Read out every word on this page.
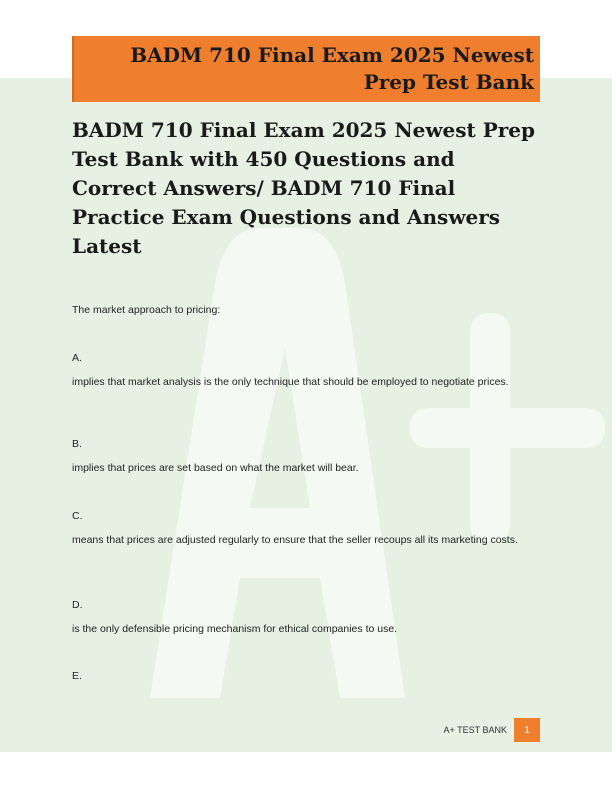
BADM 710 Final Exam 2025 Newest Prep Test Bank
BADM 710 Final Exam 2025 Newest Prep Test Bank with 450 Questions and Correct Answers/ BADM 710 Final Practice Exam Questions and Answers Latest
The market approach to pricing:
A.
implies that market analysis is the only technique that should be employed to negotiate prices.
B.
implies that prices are set based on what the market will bear.
C.
means that prices are adjusted regularly to ensure that the seller recoups all its marketing costs.
D.
is the only defensible pricing mechanism for ethical companies to use.
E.
A+ TEST BANK	1
